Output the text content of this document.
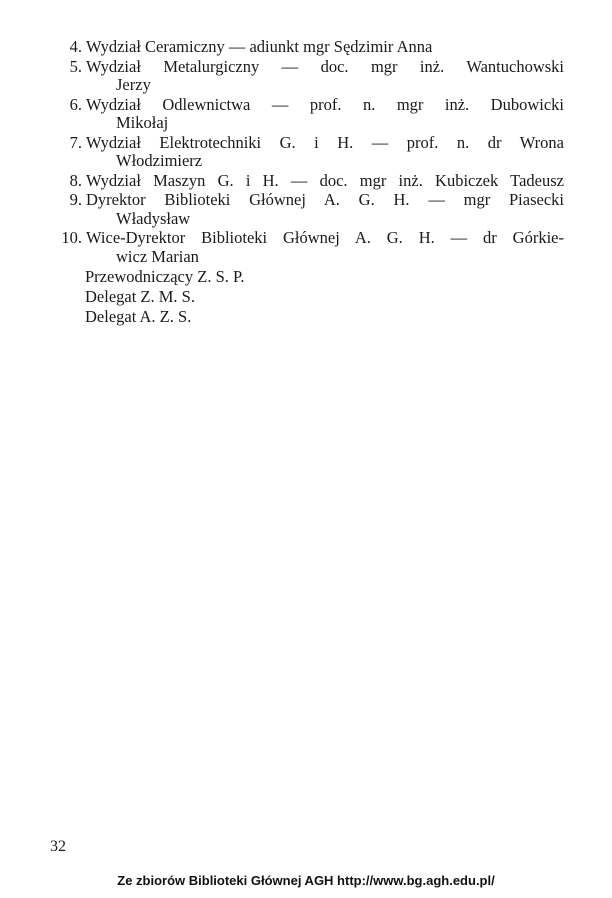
4. Wydział Ceramiczny — adiunkt mgr Sędzimir Anna
5. Wydział Metalurgiczny — doc. mgr inż. Wantuchowski
Jerzy
6. Wydział Odlewnictwa — prof. n. mgr inż. Dubowicki
Mikołaj
7. Wydział Elektrotechniki G. i H. — prof. n. dr Wrona
Włodzimierz
8. Wydział Maszyn G. i H. — doc. mgr inż. Kubiczek Tadeusz
9. Dyrektor Biblioteki Głównej A. G. H. — mgr Piasecki
Władysław
10. Wice-Dyrektor Biblioteki Głównej A. G. H. — dr Górkie-
wicz Marian
Przewodniczący Z. S. P.
Delegat Z. M. S.
Delegat A. Z. S.
32
Ze zbiorów Biblioteki Głównej AGH http://www.bg.agh.edu.pl/
